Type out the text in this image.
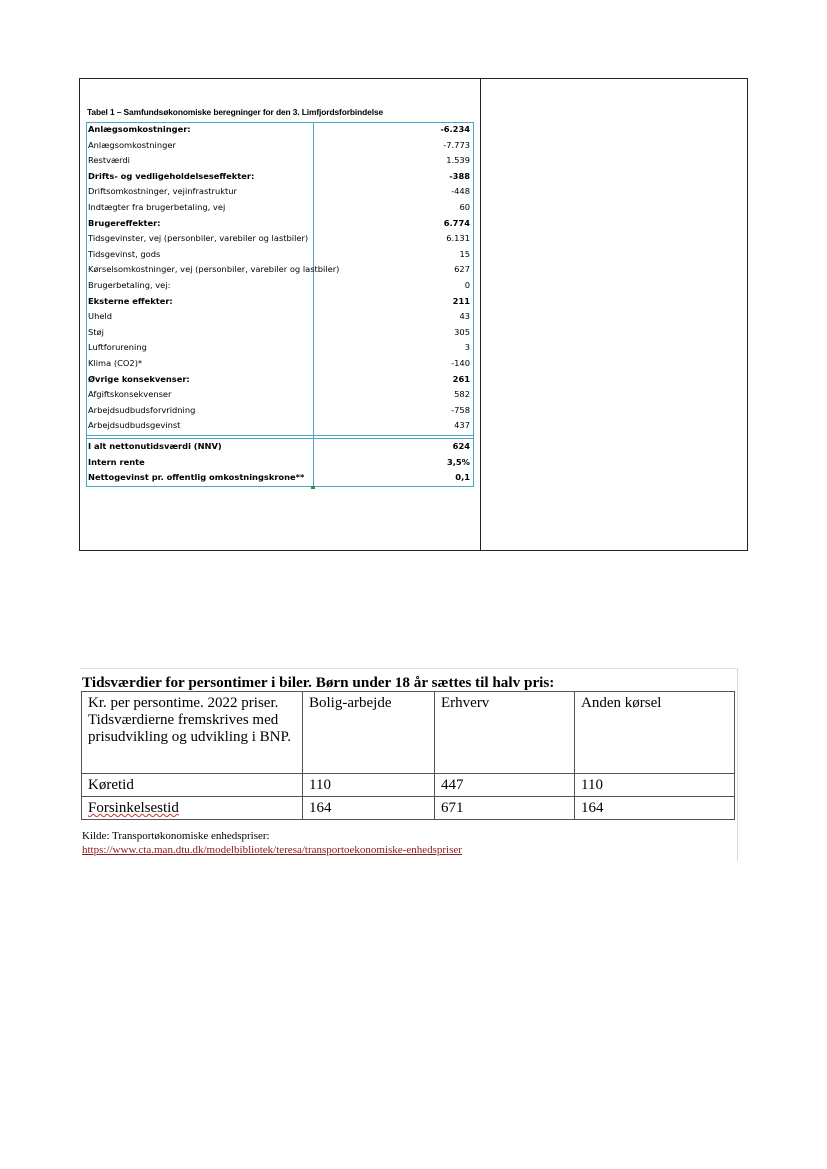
Tabel 1 – Samfundsøkonomiske beregninger for den 3. Limfjordsforbindelse
Anlægsomkostninger:	-6.234
Anlægsomkostninger	-7.773
Restværdi	1.539
Drifts- og vedligeholdelseseffekter:	-388
Driftsomkostninger, vejinfrastruktur	-448
Indtægter fra brugerbetaling, vej	60
Brugereffekter:	6.774
Tidsgevinster, vej (personbiler, varebiler og lastbiler)	6.131
Tidsgevinst, gods	15
Kørselsomkostninger, vej (personbiler, varebiler og lastbiler)	627
Brugerbetaling, vej:	0
Eksterne effekter:	211
Uheld	43
Støj	305
Luftforurening	3
Klima (CO2)*	-140
Øvrige konsekvenser:	261
Afgiftskonsekvenser	582
Arbejdsudbudsforvridning	-758
Arbejdsudbudsgevinst	437
I alt nettonutidsværdi (NNV)	624
Intern rente	3,5%
Nettogevinst pr. offentlig omkostningskrone**	0,1
Tidsværdier for persontimer i biler. Børn under 18 år sættes til halv pris:
Kr. per persontime. 2022 priser. Tidsværdierne fremskrives med prisudvikling og udvikling i BNP.	Bolig-arbejde	Erhverv	Anden kørsel
Køretid	110	447	110
Forsinkelsestid	164	671	164
Kilde: Transportøkonomiske enhedspriser:
https://www.cta.man.dtu.dk/modelbibliotek/teresa/transportoekonomiske-enhedspriser
